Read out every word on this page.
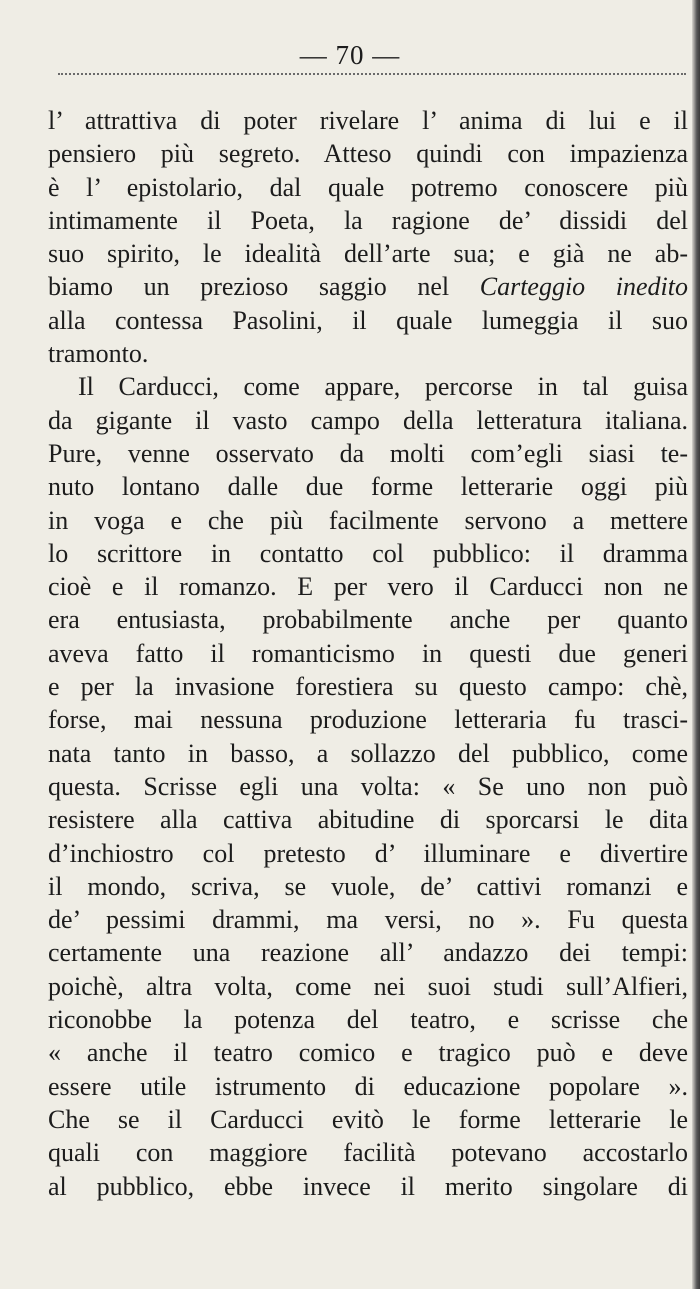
— 70 —
l’ attrattiva di poter rivelare l’ anima di lui e il
pensiero più segreto. Atteso quindi con impazienza
è l’ epistolario, dal quale potremo conoscere più
intimamente il Poeta, la ragione de’ dissidi del
suo spirito, le idealità dell’arte sua; e già ne ab-
biamo un prezioso saggio nel Carteggio inedito
alla contessa Pasolini, il quale lumeggia il suo
tramonto.
Il Carducci, come appare, percorse in tal guisa
da gigante il vasto campo della letteratura italiana.
Pure, venne osservato da molti com’egli siasi te-
nuto lontano dalle due forme letterarie oggi più
in voga e che più facilmente servono a mettere
lo scrittore in contatto col pubblico: il dramma
cioè e il romanzo. E per vero il Carducci non ne
era entusiasta, probabilmente anche per quanto
aveva fatto il romanticismo in questi due generi
e per la invasione forestiera su questo campo: chè,
forse, mai nessuna produzione letteraria fu trasci-
nata tanto in basso, a sollazzo del pubblico, come
questa. Scrisse egli una volta: « Se uno non può
resistere alla cattiva abitudine di sporcarsi le dita
d’inchiostro col pretesto d’ illuminare e divertire
il mondo, scriva, se vuole, de’ cattivi romanzi e
de’ pessimi drammi, ma versi, no ». Fu questa
certamente una reazione all’ andazzo dei tempi:
poichè, altra volta, come nei suoi studi sull’Alfieri,
riconobbe la potenza del teatro, e scrisse che
« anche il teatro comico e tragico può e deve
essere utile istrumento di educazione popolare ».
Che se il Carducci evitò le forme letterarie le
quali con maggiore facilità potevano accostarlo
al pubblico, ebbe invece il merito singolare di
